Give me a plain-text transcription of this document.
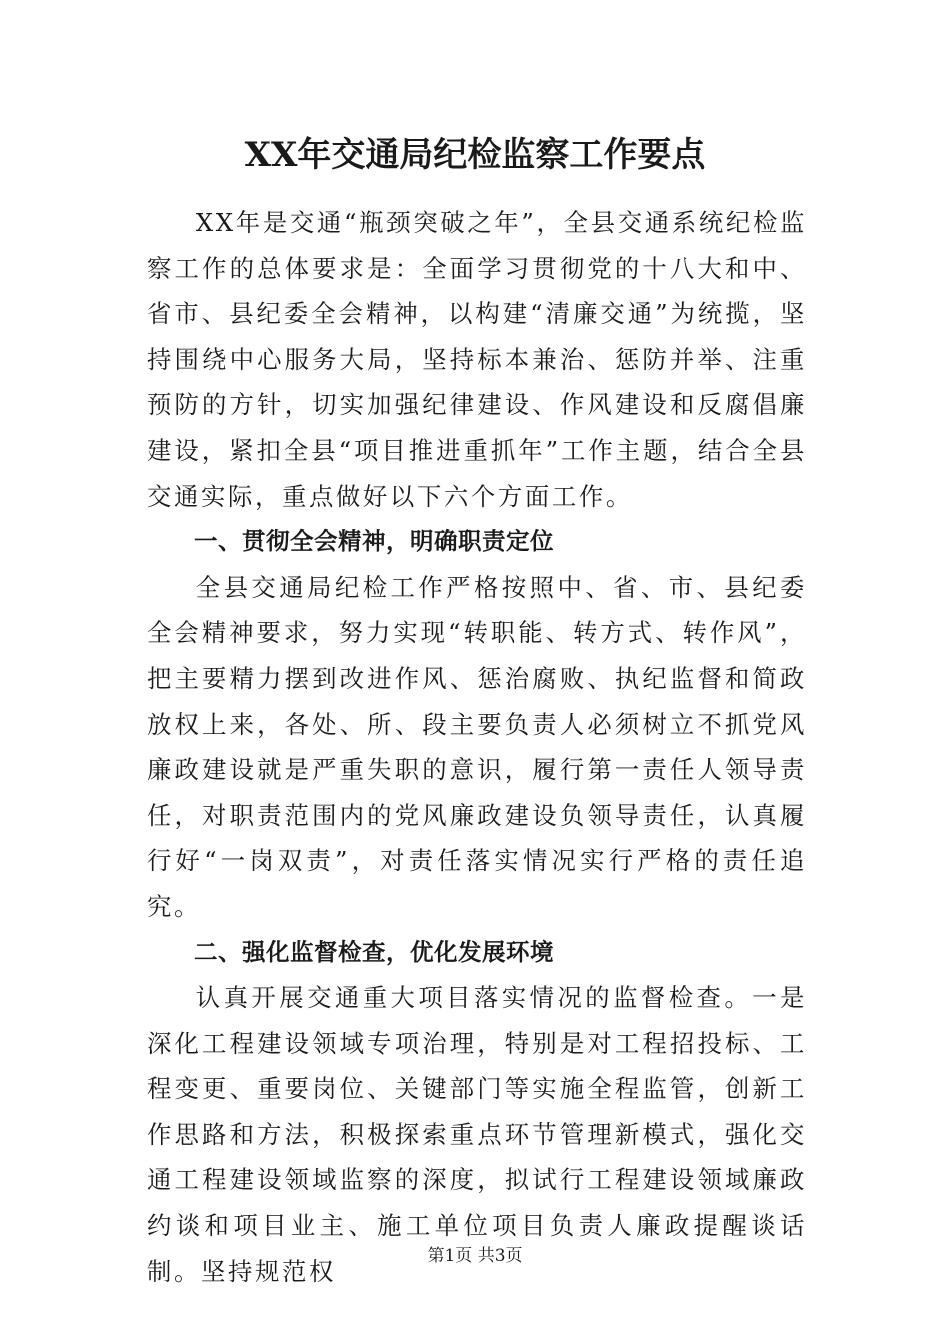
XX年交通局纪检监察工作要点

XX年是交通“瓶颈突破之年”，全县交通系统纪检监察工作的总体要求是：全面学习贯彻党的十八大和中、省市、县纪委全会精神，以构建“清廉交通”为统揽，坚持围绕中心服务大局，坚持标本兼治、惩防并举、注重预防的方针，切实加强纪律建设、作风建设和反腐倡廉建设，紧扣全县“项目推进重抓年”工作主题，结合全县交通实际，重点做好以下六个方面工作。

一、贯彻全会精神，明确职责定位

全县交通局纪检工作严格按照中、省、市、县纪委全会精神要求，努力实现“转职能、转方式、转作风”，把主要精力摆到改进作风、惩治腐败、执纪监督和简政放权上来，各处、所、段主要负责人必须树立不抓党风廉政建设就是严重失职的意识，履行第一责任人领导责任，对职责范围内的党风廉政建设负领导责任，认真履行好“一岗双责”，对责任落实情况实行严格的责任追究。

二、强化监督检查，优化发展环境

认真开展交通重大项目落实情况的监督检查。一是深化工程建设领域专项治理，特别是对工程招投标、工程变更、重要岗位、关键部门等实施全程监管，创新工作思路和方法，积极探索重点环节管理新模式，强化交通工程建设领域监察的深度，拟试行工程建设领域廉政约谈和项目业主、施工单位项目负责人廉政提醒谈话制。坚持规范权

第1页 共3页
